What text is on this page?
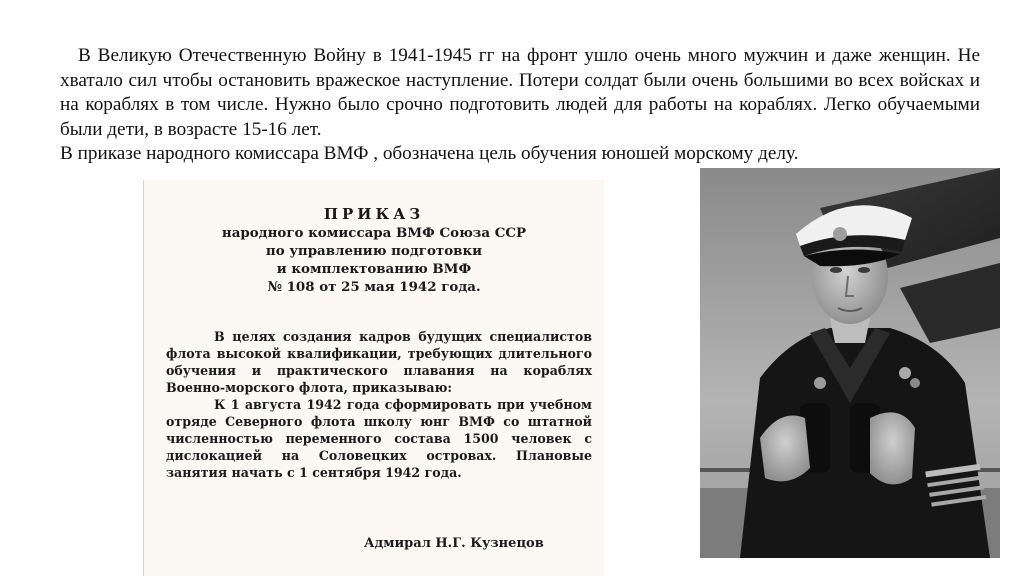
В Великую Отечественную Войну в 1941-1945 гг на фронт ушло очень много мужчин и даже женщин. Не хватало сил чтобы остановить вражеское наступление. Потери солдат были очень большими во всех войсках и на кораблях в том числе. Нужно было срочно подготовить людей для работы на кораблях. Легко обучаемыми были дети, в возрасте 15-16 лет.

В приказе народного комиссара ВМФ , обозначена цель обучения юношей морскому делу.

ПРИКАЗ
народного комиссара ВМФ Союза ССР
по управлению подготовки
и комплектованию ВМФ
№ 108 от 25 мая 1942 года.

В целях создания кадров будущих специалистов флота высокой квалификации, требующих длительного обучения и практического плавания на кораблях Военно-морского флота, приказываю:

К 1 августа 1942 года сформировать при учебном отряде Северного флота школу юнг ВМФ со штатной численностью переменного состава 1500 человек с дислокацией на Соловецких островах. Плановые занятия начать с 1 сентября 1942 года.

Адмирал Н.Г. Кузнецов
